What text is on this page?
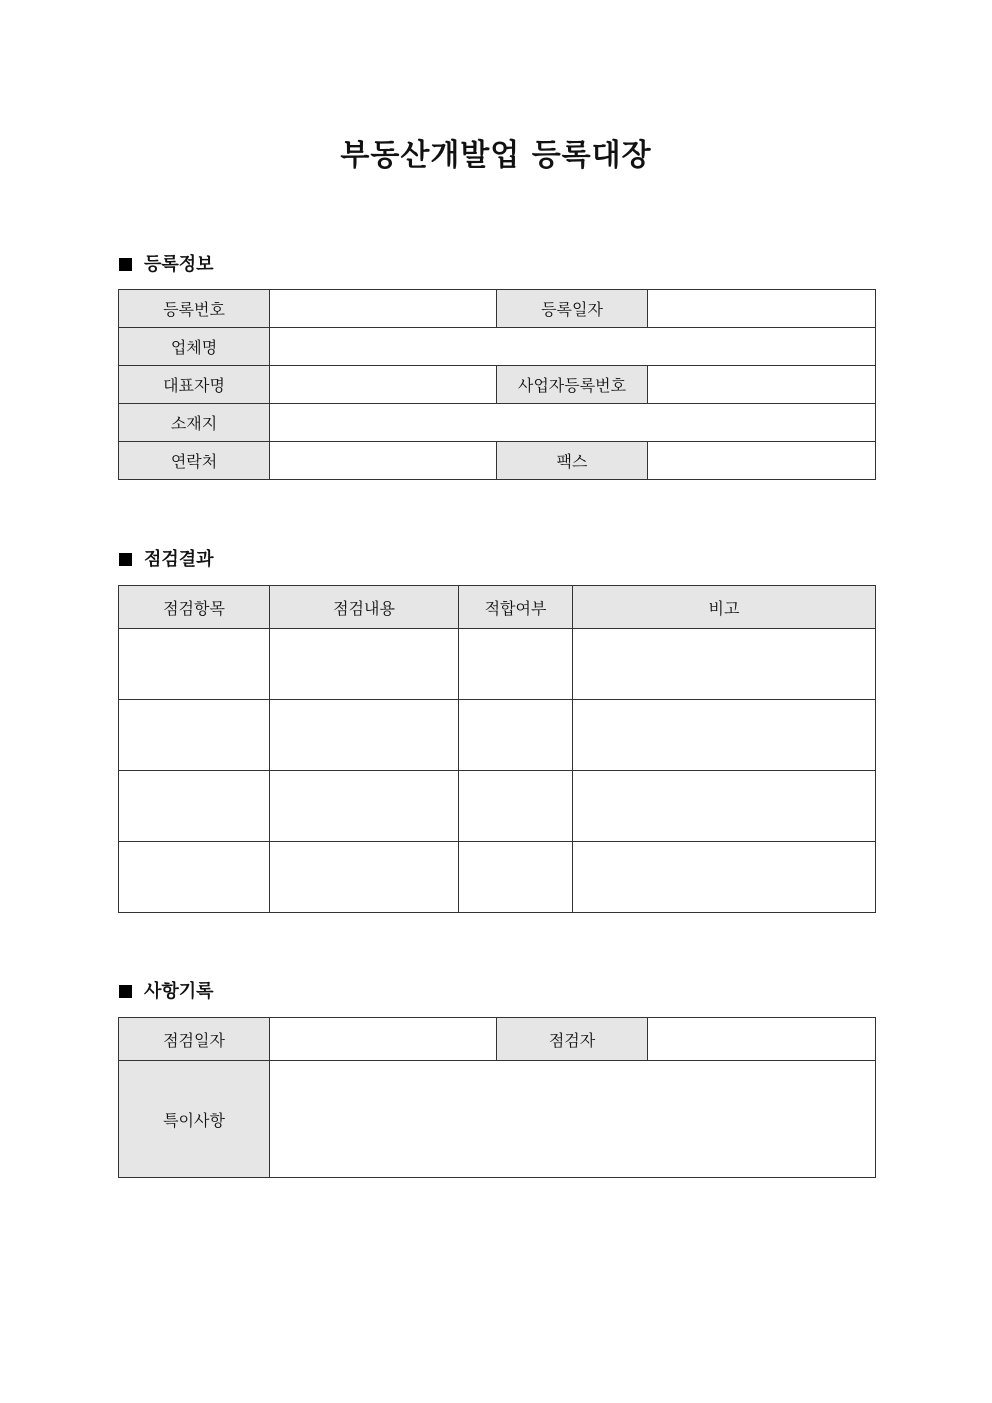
부동산개발업 등록대장
등록정보
등록번호		등록일자	
업체명			
대표자명		사업자등록번호	
소재지			
연락처		팩스	
점검결과
점검항목	점검내용	적합여부	비고

사항기록
점검일자		점검자	
특이사항			
